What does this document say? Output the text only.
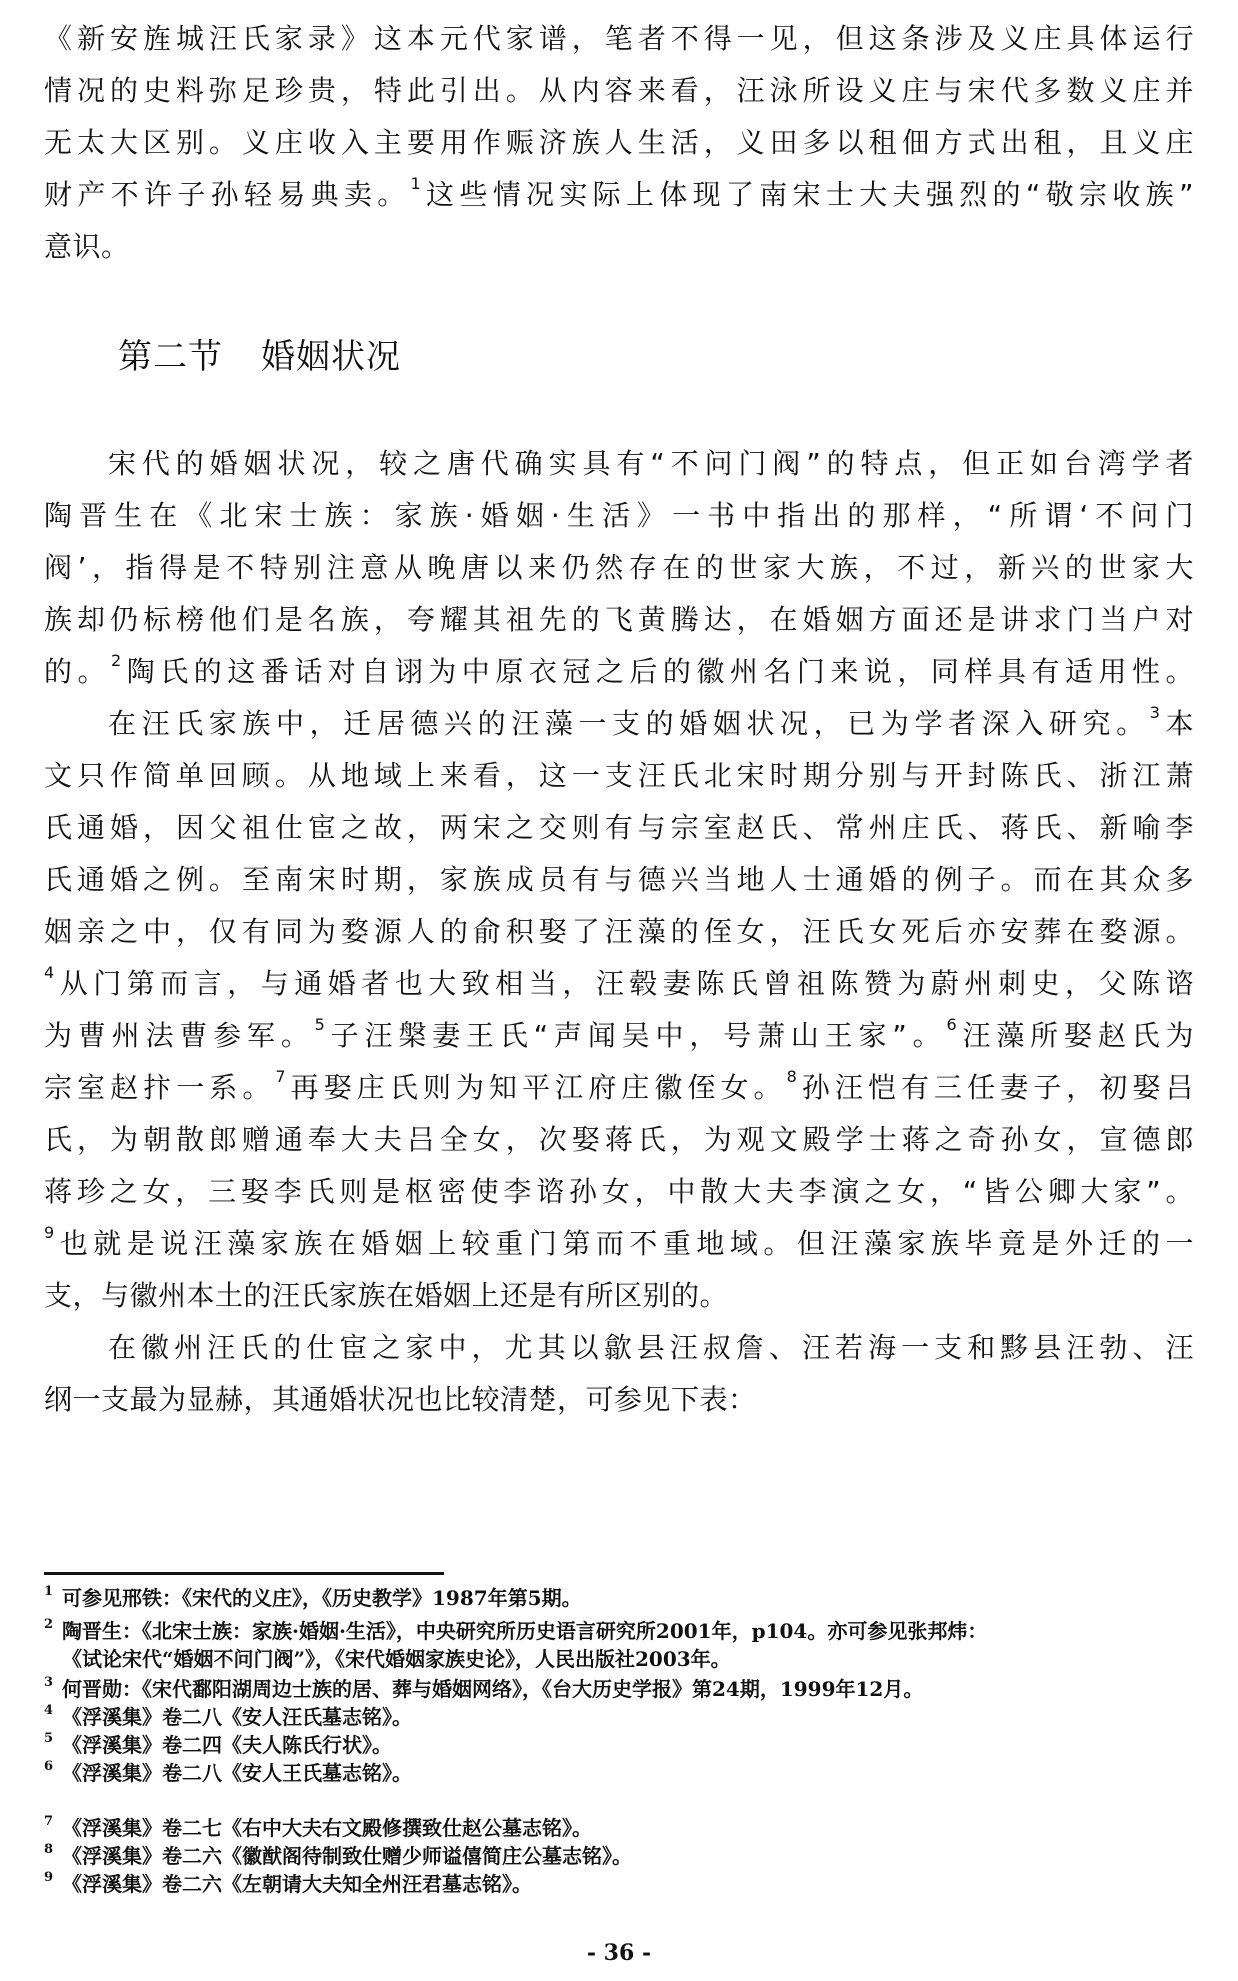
《新安旌城汪氏家录》这本元代家谱，笔者不得一见，但这条涉及义庄具体运行
情况的史料弥足珍贵，特此引出。从内容来看，汪泳所设义庄与宋代多数义庄并
无太大区别。义庄收入主要用作赈济族人生活，义田多以租佃方式出租，且义庄
财产不许子孙轻易典卖。$^1$这些情况实际上体现了南宋士大夫强烈的“敬宗收族”
意识。
第二节 婚姻状况
宋代的婚姻状况，较之唐代确实具有“不问门阀”的特点，但正如台湾学者
陶晋生在《北宋士族：家族·婚姻·生活》一书中指出的那样，“所谓‘不问门
阀’，指得是不特别注意从晚唐以来仍然存在的世家大族，不过，新兴的世家大
族却仍标榜他们是名族，夸耀其祖先的飞黄腾达，在婚姻方面还是讲求门当户对
的。$^2$陶氏的这番话对自诩为中原衣冠之后的徽州名门来说，同样具有适用性。
在汪氏家族中，迁居德兴的汪藻一支的婚姻状况，已为学者深入研究。$^3$本
文只作简单回顾。从地域上来看，这一支汪氏北宋时期分别与开封陈氏、浙江萧
氏通婚，因父祖仕宦之故，两宋之交则有与宗室赵氏、常州庄氏、蒋氏、新喻李
氏通婚之例。至南宋时期，家族成员有与德兴当地人士通婚的例子。而在其众多
姻亲之中，仅有同为婺源人的俞积娶了汪藻的侄女，汪氏女死后亦安葬在婺源。
$^4$从门第而言，与通婚者也大致相当，汪毂妻陈氏曾祖陈赞为蔚州刺史，父陈谘
为曹州法曹参军。$^5$子汪槃妻王氏“声闻吴中，号萧山王家”。$^6$汪藻所娶赵氏为
宗室赵抃一系。$^7$再娶庄氏则为知平江府庄徽侄女。$^8$孙汪恺有三任妻子，初娶吕
氏，为朝散郎赠通奉大夫吕全女，次娶蒋氏，为观文殿学士蒋之奇孙女，宣德郎
蒋珍之女，三娶李氏则是枢密使李谘孙女，中散大夫李演之女，“皆公卿大家”。
$^9$也就是说汪藻家族在婚姻上较重门第而不重地域。但汪藻家族毕竟是外迁的一
支，与徽州本土的汪氏家族在婚姻上还是有所区别的。
在徽州汪氏的仕宦之家中，尤其以歙县汪叔詹、汪若海一支和黟县汪勃、汪
纲一支最为显赫，其通婚状况也比较清楚，可参见下表：
1 可参见邢铁：《宋代的义庄》，《历史教学》1987年第5期。
2 陶晋生：《北宋士族：家族·婚姻·生活》，中央研究所历史语言研究所2001年，p104。亦可参见张邦炜：
《试论宋代“婚姻不问门阀”》，《宋代婚姻家族史论》，人民出版社2003年。
3 何晋勋：《宋代鄱阳湖周边士族的居、葬与婚姻网络》，《台大历史学报》第24期，1999年12月。
4 《浮溪集》卷二八《安人汪氏墓志铭》。
5 《浮溪集》卷二四《夫人陈氏行状》。
6 《浮溪集》卷二八《安人王氏墓志铭》。
7 《浮溪集》卷二七《右中大夫右文殿修撰致仕赵公墓志铭》。
8 《浮溪集》卷二六《徽猷阁待制致仕赠少师谥僖简庄公墓志铭》。
9 《浮溪集》卷二六《左朝请大夫知全州汪君墓志铭》。
- 36 -
